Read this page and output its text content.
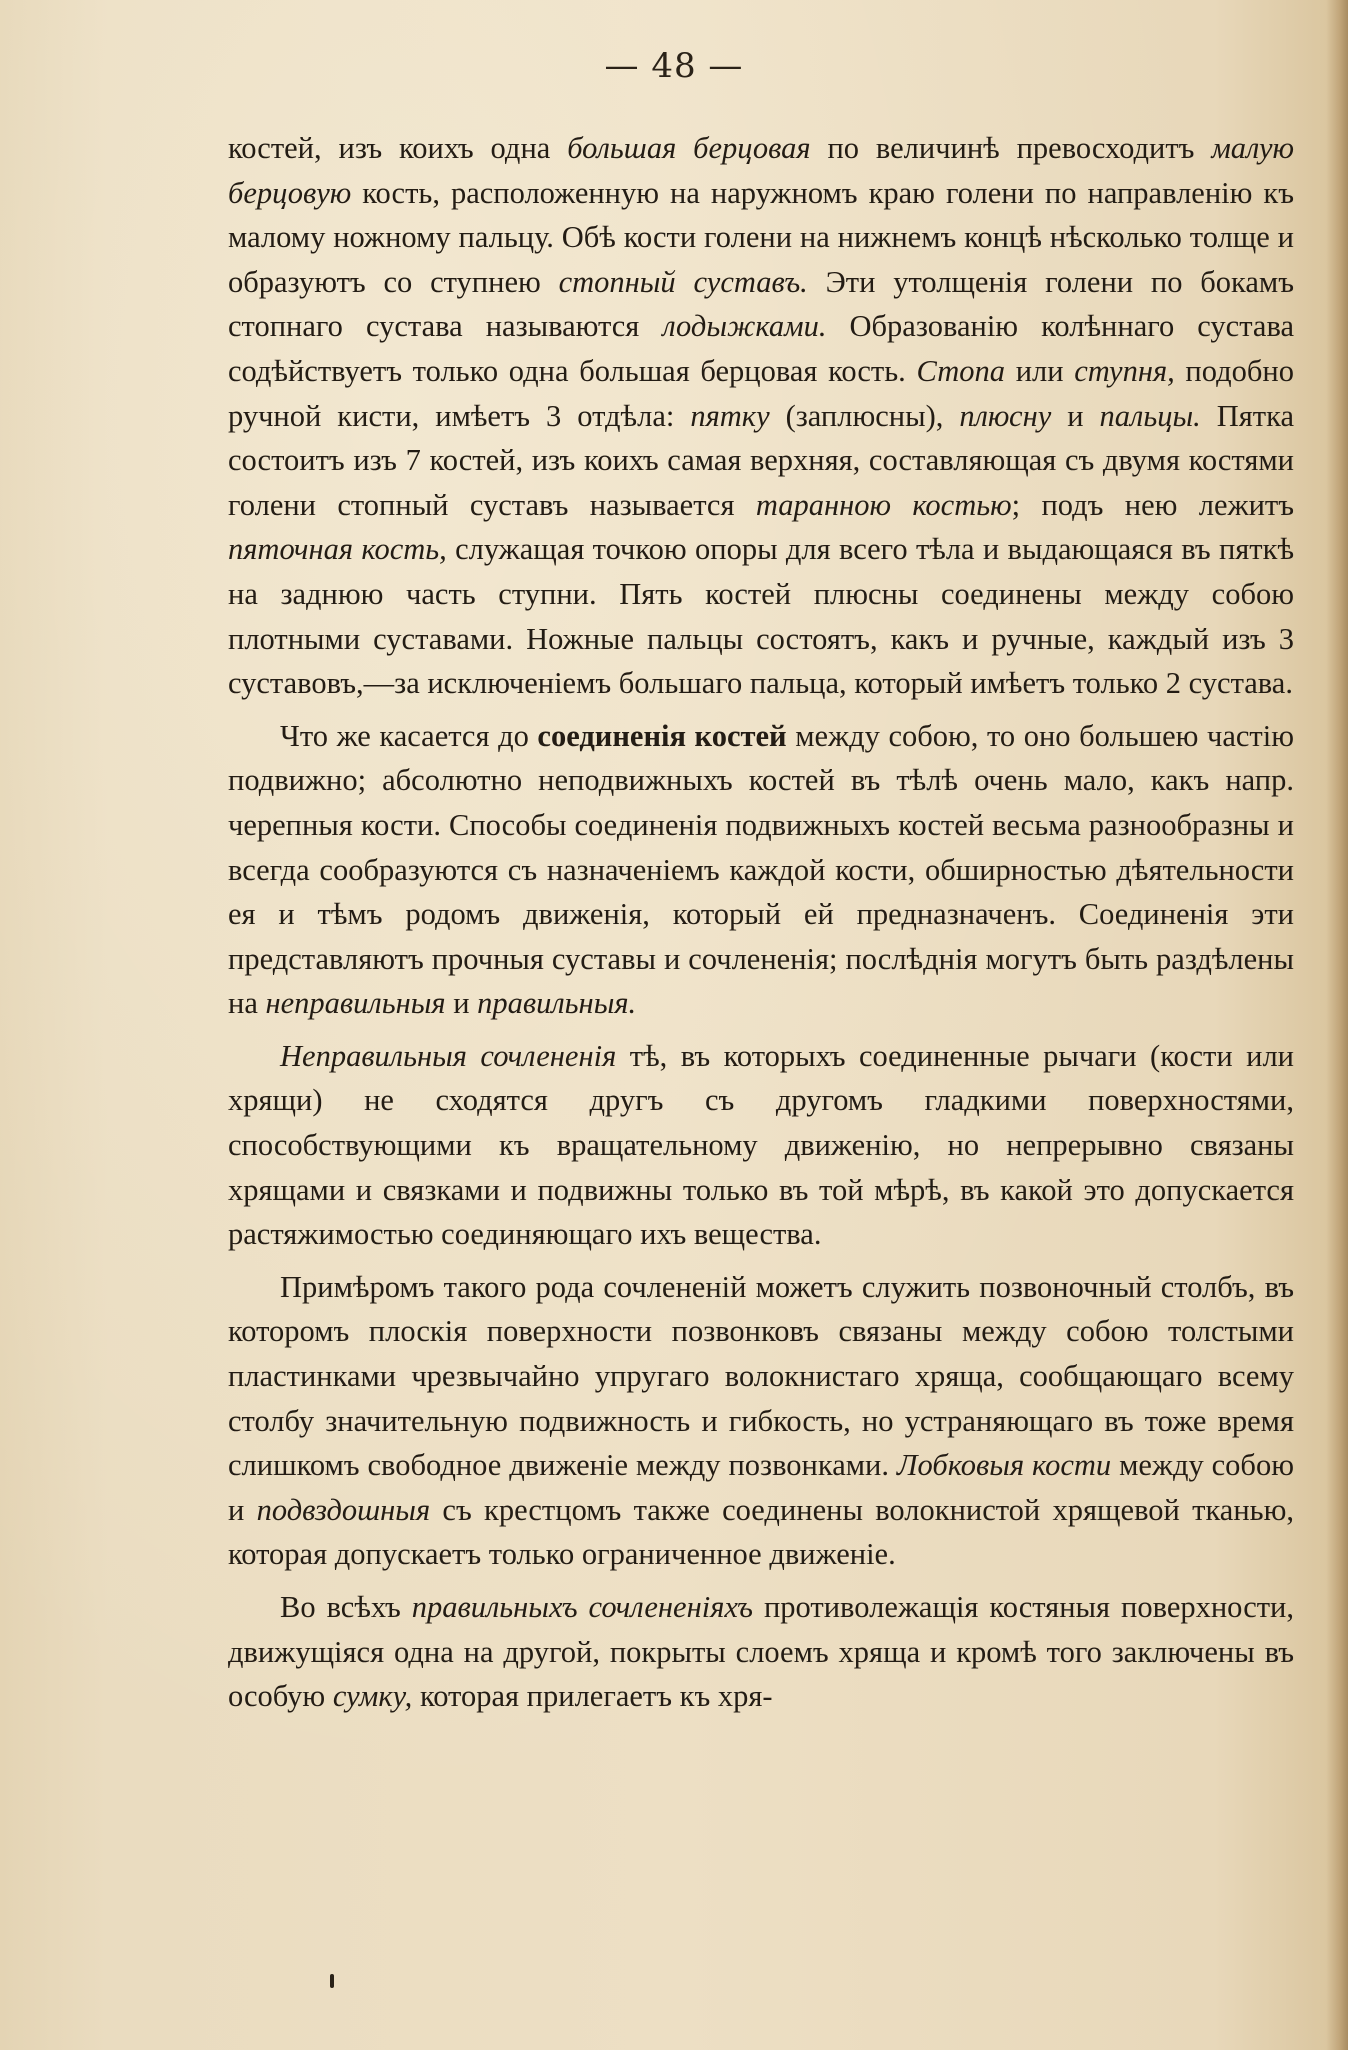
— 48 —

костей, изъ коихъ одна большая берцовая по величинѣ превосходитъ малую берцовую кость, расположенную на наружномъ краю голени по направленію къ малому ножному пальцу. Обѣ кости голени на нижнемъ концѣ нѣсколько толще и образуютъ со ступнею стопный суставъ. Эти утолщенія голени по бокамъ стопнаго сустава называются лодыжками. Образованію колѣннаго сустава содѣйствуетъ только одна большая берцовая кость. Стопа или ступня, подобно ручной кисти, имѣетъ 3 отдѣла: пятку (заплюсны), плюсну и пальцы. Пятка состоитъ изъ 7 костей, изъ коихъ самая верхняя, составляющая съ двумя костями голени стопный суставъ называется таранною костью; подъ нею лежитъ пяточная кость, служащая точкою опоры для всего тѣла и выдающаяся въ пяткѣ на заднюю часть ступни. Пять костей плюсны соединены между собою плотными суставами. Ножные пальцы состоятъ, какъ и ручные, каждый изъ 3 суставовъ,—за исключеніемъ большаго пальца, который имѣетъ только 2 сустава.

Что же касается до соединенія костей между собою, то оно большею частію подвижно; абсолютно неподвижныхъ костей въ тѣлѣ очень мало, какъ напр. черепныя кости. Способы соединенія подвижныхъ костей весьма разнообразны и всегда сообразуются съ назначеніемъ каждой кости, обширностью дѣятельности ея и тѣмъ родомъ движенія, который ей предназначенъ. Соединенія эти представляютъ прочныя суставы и сочлененія; послѣднія могутъ быть раздѣлены на неправильныя и правильныя.

Неправильныя сочлененія тѣ, въ которыхъ соединенные рычаги (кости или хрящи) не сходятся другъ съ другомъ гладкими поверхностями, способствующими къ вращательному движенію, но непрерывно связаны хрящами и связками и подвижны только въ той мѣрѣ, въ какой это допускается растяжимостью соединяющаго ихъ вещества.

Примѣромъ такого рода сочлененій можетъ служить позвоночный столбъ, въ которомъ плоскія поверхности позвонковъ связаны между собою толстыми пластинками чрезвычайно упругаго волокнистаго хряща, сообщающаго всему столбу значительную подвижность и гибкость, но устраняющаго въ тоже время слишкомъ свободное движеніе между позвонками. Лобковыя кости между собою и подвздошныя съ крестцомъ также соединены волокнистой хрящевой тканью, которая допускаетъ только ограниченное движеніе.

Во всѣхъ правильныхъ сочлененіяхъ противолежащія костяныя поверхности, движущіяся одна на другой, покрыты слоемъ хряща и кромѣ того заключены въ особую сумку, которая прилегаетъ къ хря-
